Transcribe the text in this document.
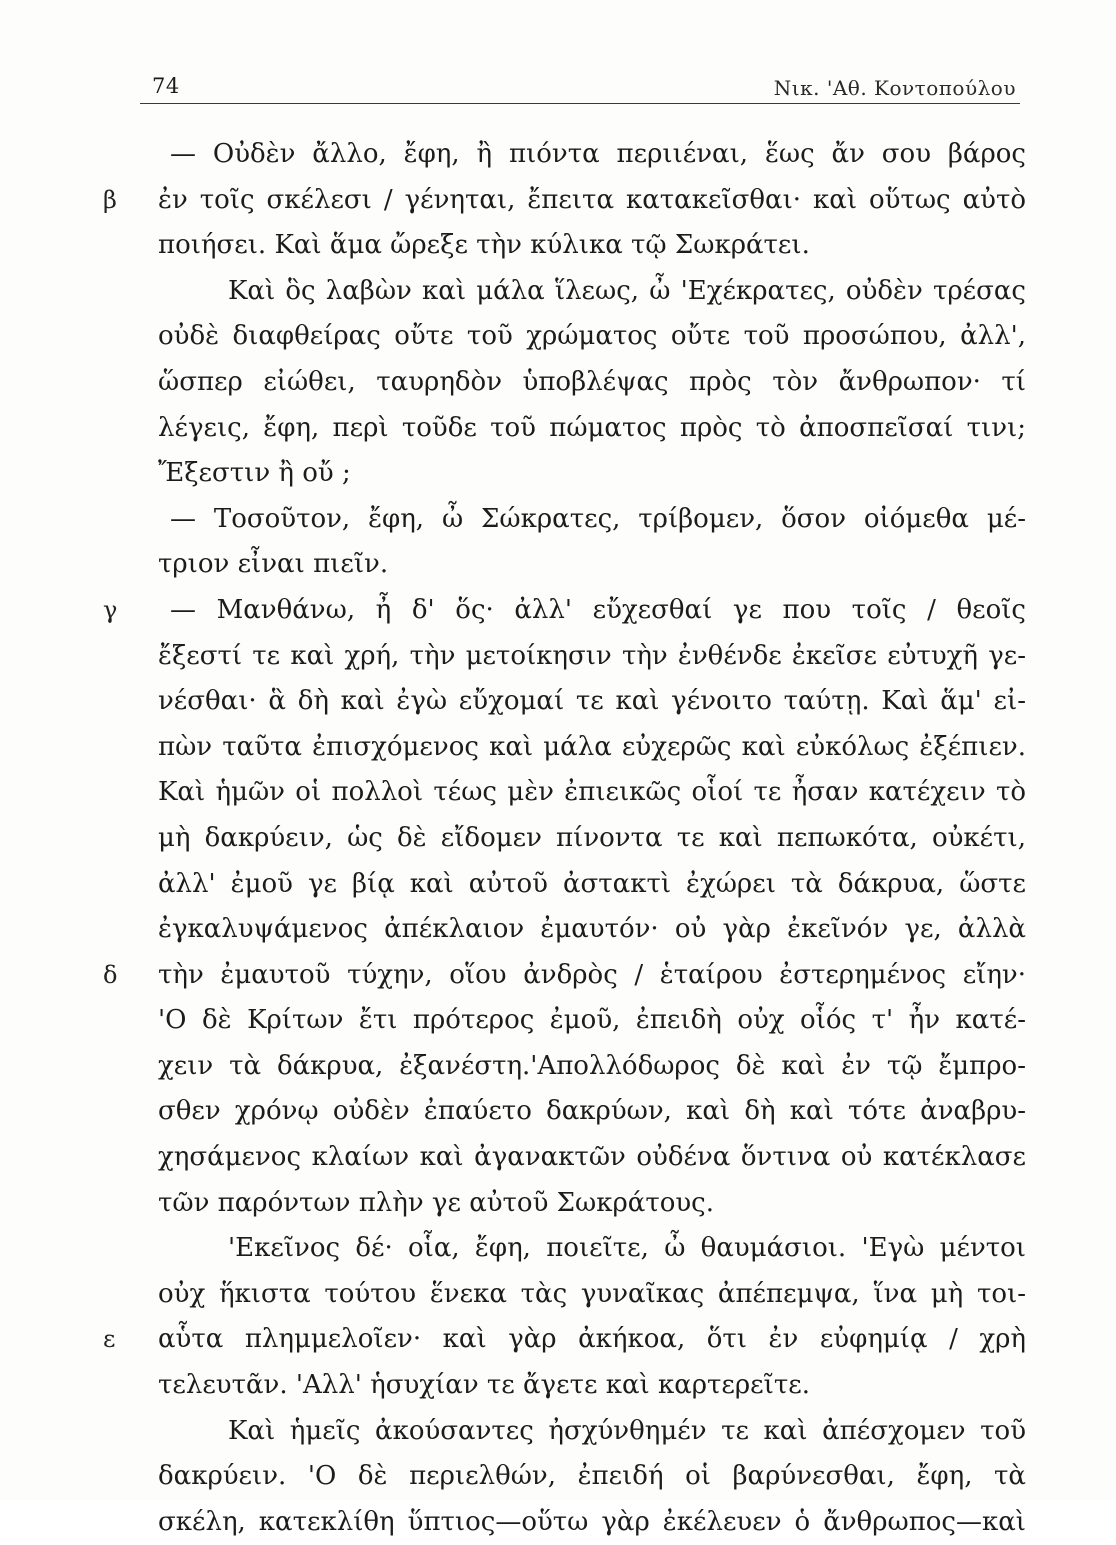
74	Νικ. 'Αθ. Κοντοπούλου
— Οὐδὲν ἄλλο, ἔφη, ἢ πιόντα περιιέναι, ἕως ἄν σου βάρος
β ἐν τοῖς σκέλεσι / γένηται, ἔπειτα κατακεῖσθαι· καὶ οὕτως αὐτὸ
ποιήσει. Καὶ ἅμα ὤρεξε τὴν κύλικα τῷ Σωκράτει.
Καὶ ὃς λαβὼν καὶ μάλα ἵλεως, ὦ 'Εχέκρατες, οὐδὲν τρέσας
οὐδὲ διαφθείρας οὔτε τοῦ χρώματος οὔτε τοῦ προσώπου, ἀλλ',
ὥσπερ εἰώθει, ταυρηδὸν ὑποβλέψας πρὸς τὸν ἄνθρωπον· τί
λέγεις, ἔφη, περὶ τοῦδε τοῦ πώματος πρὸς τὸ ἀποσπεῖσαί τινι;
Ἔξεστιν ἢ οὔ ;
— Τοσοῦτον, ἔφη, ὦ Σώκρατες, τρίβομεν, ὅσον οἰόμεθα μέ-
τριον εἶναι πιεῖν.
γ — Μανθάνω, ἦ δ' ὅς· ἀλλ' εὔχεσθαί γε που τοῖς / θεοῖς
ἔξεστί τε καὶ χρή, τὴν μετοίκησιν τὴν ἐνθένδε ἐκεῖσε εὐτυχῆ γε-
νέσθαι· ἃ δὴ καὶ ἐγὼ εὔχομαί τε καὶ γένοιτο ταύτῃ. Καὶ ἅμ' εἰ-
πὼν ταῦτα ἐπισχόμενος καὶ μάλα εὐχερῶς καὶ εὐκόλως ἐξέπιεν.
Καὶ ἡμῶν οἱ πολλοὶ τέως μὲν ἐπιεικῶς οἷοί τε ἦσαν κατέχειν τὸ
μὴ δακρύειν, ὡς δὲ εἴδομεν πίνοντα τε καὶ πεπωκότα, οὐκέτι,
ἀλλ' ἐμοῦ γε βίᾳ καὶ αὐτοῦ ἀστακτὶ ἐχώρει τὰ δάκρυα, ὥστε
ἐγκαλυψάμενος ἀπέκλαιον ἐμαυτόν· οὐ γὰρ ἐκεῖνόν γε, ἀλλὰ
δ τὴν ἐμαυτοῦ τύχην, οἵου ἀνδρὸς / ἑταίρου ἐστερημένος εἴην·
'Ο δὲ Κρίτων ἔτι πρότερος ἐμοῦ, ἐπειδὴ οὐχ οἷός τ' ἦν κατέ-
χειν τὰ δάκρυα, ἐξανέστη.'Απολλόδωρος δὲ καὶ ἐν τῷ ἔμπρο-
σθεν χρόνῳ οὐδὲν ἐπαύετο δακρύων, καὶ δὴ καὶ τότε ἀναβρυ-
χησάμενος κλαίων καὶ ἀγανακτῶν οὐδένα ὅντινα οὐ κατέκλασε
τῶν παρόντων πλὴν γε αὐτοῦ Σωκράτους.
'Εκεῖνος δέ· οἷα, ἔφη, ποιεῖτε, ὦ θαυμάσιοι. 'Εγὼ μέντοι
οὐχ ἥκιστα τούτου ἕνεκα τὰς γυναῖκας ἀπέπεμψα, ἵνα μὴ τοι-
ε αὗτα πλημμελοῖεν· καὶ γὰρ ἀκήκοα, ὅτι ἐν εὐφημίᾳ / χρὴ
τελευτᾶν. 'Αλλ' ἡσυχίαν τε ἄγετε καὶ καρτερεῖτε.
Καὶ ἡμεῖς ἀκούσαντες ἠσχύνθημέν τε καὶ ἀπέσχομεν τοῦ
δακρύειν. 'Ο δὲ περιελθών, ἐπειδή οἱ βαρύνεσθαι, ἔφη, τὰ
σκέλη, κατεκλίθη ὕπτιος—οὕτω γὰρ ἐκέλευεν ὁ ἄνθρωπος—καὶ
